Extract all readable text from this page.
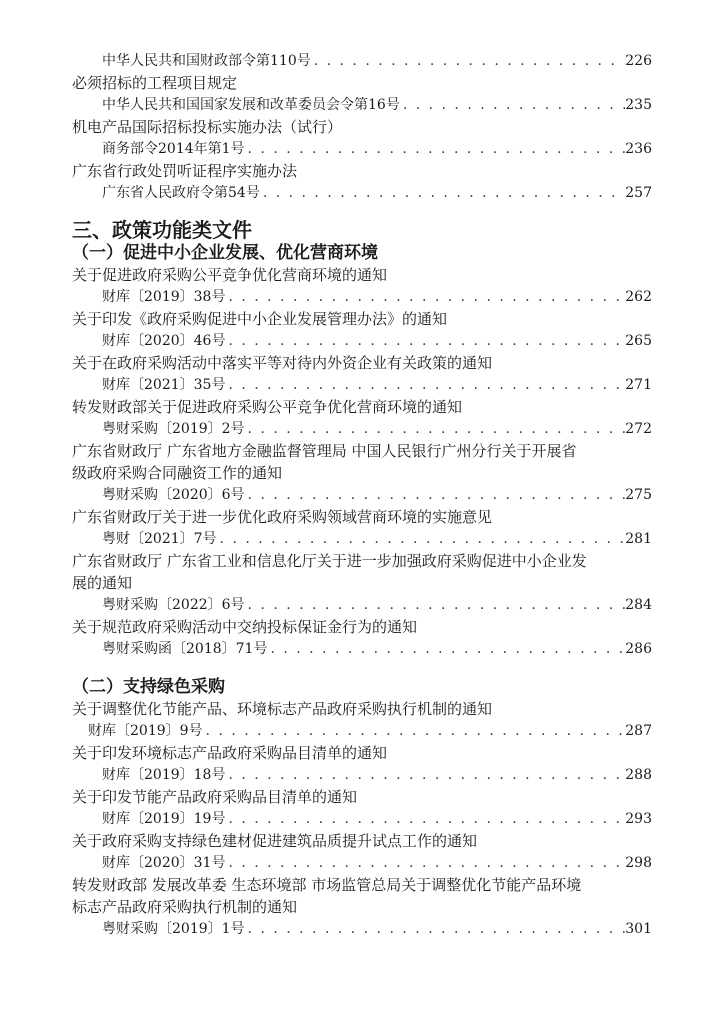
中华人民共和国财政部令第110号 . . .	226
必须招标的工程项目规定
中华人民共和国国家发展和改革委员会令第16号 . . .	235
机电产品国际招标投标实施办法（试行）
商务部令2014年第1号 . . .	236
广东省行政处罚听证程序实施办法
广东省人民政府令第54号 . . .	257
三、政策功能类文件
（一）促进中小企业发展、优化营商环境
关于促进政府采购公平竞争优化营商环境的通知
财库〔2019〕38号 . . .	262
关于印发《政府采购促进中小企业发展管理办法》的通知
财库〔2020〕46号 . . .	265
关于在政府采购活动中落实平等对待内外资企业有关政策的通知
财库〔2021〕35号 . . .	271
转发财政部关于促进政府采购公平竞争优化营商环境的通知
粤财采购〔2019〕2号 . . .	272
广东省财政厅 广东省地方金融监督管理局 中国人民银行广州分行关于开展省
级政府采购合同融资工作的通知
粤财采购〔2020〕6号 . . .	275
广东省财政厅关于进一步优化政府采购领域营商环境的实施意见
粤财〔2021〕7号 . . .	281
广东省财政厅 广东省工业和信息化厅关于进一步加强政府采购促进中小企业发
展的通知
粤财采购〔2022〕6号 . . .	284
关于规范政府采购活动中交纳投标保证金行为的通知
粤财采购函〔2018〕71号 . . .	286
（二）支持绿色采购
关于调整优化节能产品、环境标志产品政府采购执行机制的通知
财库〔2019〕9号 . . .	287
关于印发环境标志产品政府采购品目清单的通知
财库〔2019〕18号 . . .	288
关于印发节能产品政府采购品目清单的通知
财库〔2019〕19号 . . .	293
关于政府采购支持绿色建材促进建筑品质提升试点工作的通知
财库〔2020〕31号 . . .	298
转发财政部 发展改革委 生态环境部 市场监管总局关于调整优化节能产品环境
标志产品政府采购执行机制的通知
粤财采购〔2019〕1号 . . .	301
